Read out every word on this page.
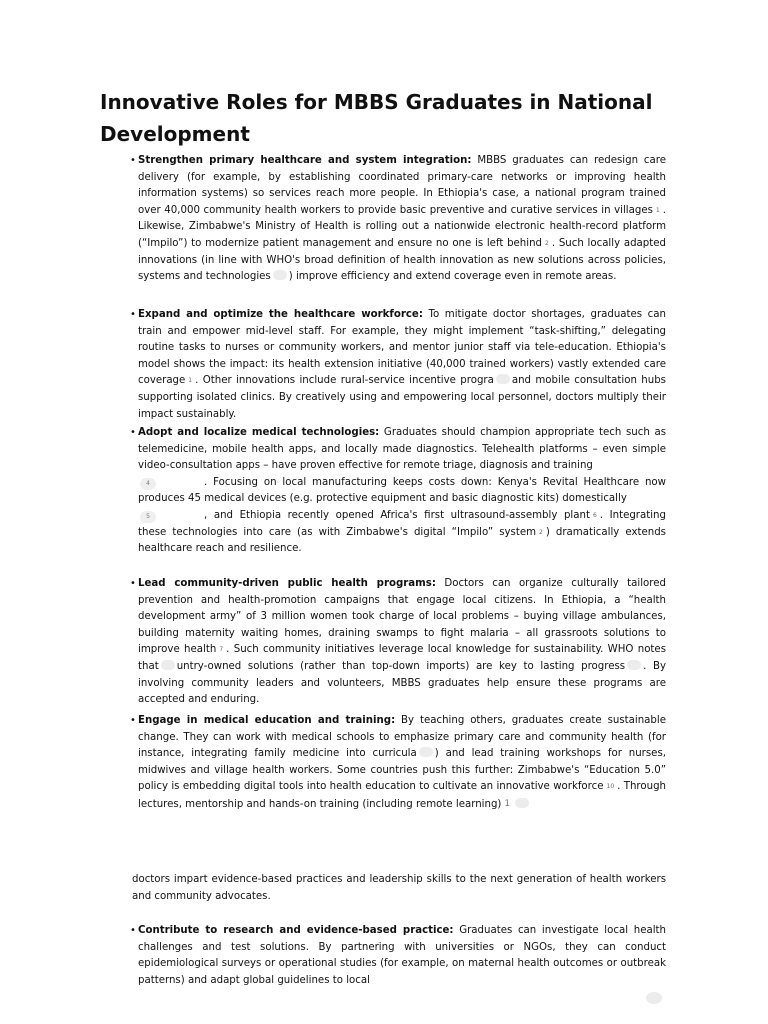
Innovative Roles for MBBS Graduates in National Development
• Strengthen primary healthcare and system integration: MBBS graduates can redesign care delivery (for example, by establishing coordinated primary-care networks or improving health information systems) so services reach more people. In Ethiopia's case, a national program trained over 40,000 community health workers to provide basic preventive and curative services in villages 1 . Likewise, Zimbabwe's Ministry of Health is rolling out a nationwide electronic health-record platform (“Impilo”) to modernize patient management and ensure no one is left behind 2 . Such locally adapted innovations (in line with WHO's broad definition of health innovation as new solutions across policies, systems and technologies ) improve efficiency and extend coverage even in remote areas.
• Expand and optimize the healthcare workforce: To mitigate doctor shortages, graduates can train and empower mid-level staff. For example, they might implement “task-shifting,” delegating routine tasks to nurses or community workers, and mentor junior staff via tele-education. Ethiopia's model shows the impact: its health extension initiative (40,000 trained workers) vastly extended care coverage 1 . Other innovations include rural-service incentive progra and mobile consultation hubs supporting isolated clinics. By creatively using and empowering local personnel, doctors multiply their impact sustainably.
• Adopt and localize medical technologies: Graduates should champion appropriate tech such as telemedicine, mobile health apps, and locally made diagnostics. Telehealth platforms – even simple video-consultation apps – have proven effective for remote triage, diagnosis and training
4	. Focusing on local manufacturing keeps costs down: Kenya's Revital Healthcare now produces 45 medical devices (e.g. protective equipment and basic diagnostic kits) domestically
5	, and Ethiopia recently opened Africa's first ultrasound-assembly plant 6 . Integrating these technologies into care (as with Zimbabwe's digital “Impilo” system 2 ) dramatically extends healthcare reach and resilience.
• Lead community-driven public health programs: Doctors can organize culturally tailored prevention and health-promotion campaigns that engage local citizens. In Ethiopia, a “health development army” of 3 million women took charge of local problems – buying village ambulances, building maternity waiting homes, draining swamps to fight malaria – all grassroots solutions to improve health 7 . Such community initiatives leverage local knowledge for sustainability. WHO notes that untry-owned solutions (rather than top-down imports) are key to lasting progress . By involving community leaders and volunteers, MBBS graduates help ensure these programs are accepted and enduring.
• Engage in medical education and training: By teaching others, graduates create sustainable change. They can work with medical schools to emphasize primary care and community health (for instance, integrating family medicine into curricula ) and lead training workshops for nurses, midwives and village health workers. Some countries push this further: Zimbabwe's “Education 5.0” policy is embedding digital tools into health education to cultivate an innovative workforce 10 . Through lectures, mentorship and hands-on training (including remote learning) 1
doctors impart evidence-based practices and leadership skills to the next generation of health workers and community advocates.
• Contribute to research and evidence-based practice: Graduates can investigate local health challenges and test solutions. By partnering with universities or NGOs, they can conduct epidemiological surveys or operational studies (for example, on maternal health outcomes or outbreak patterns) and adapt global guidelines to local
